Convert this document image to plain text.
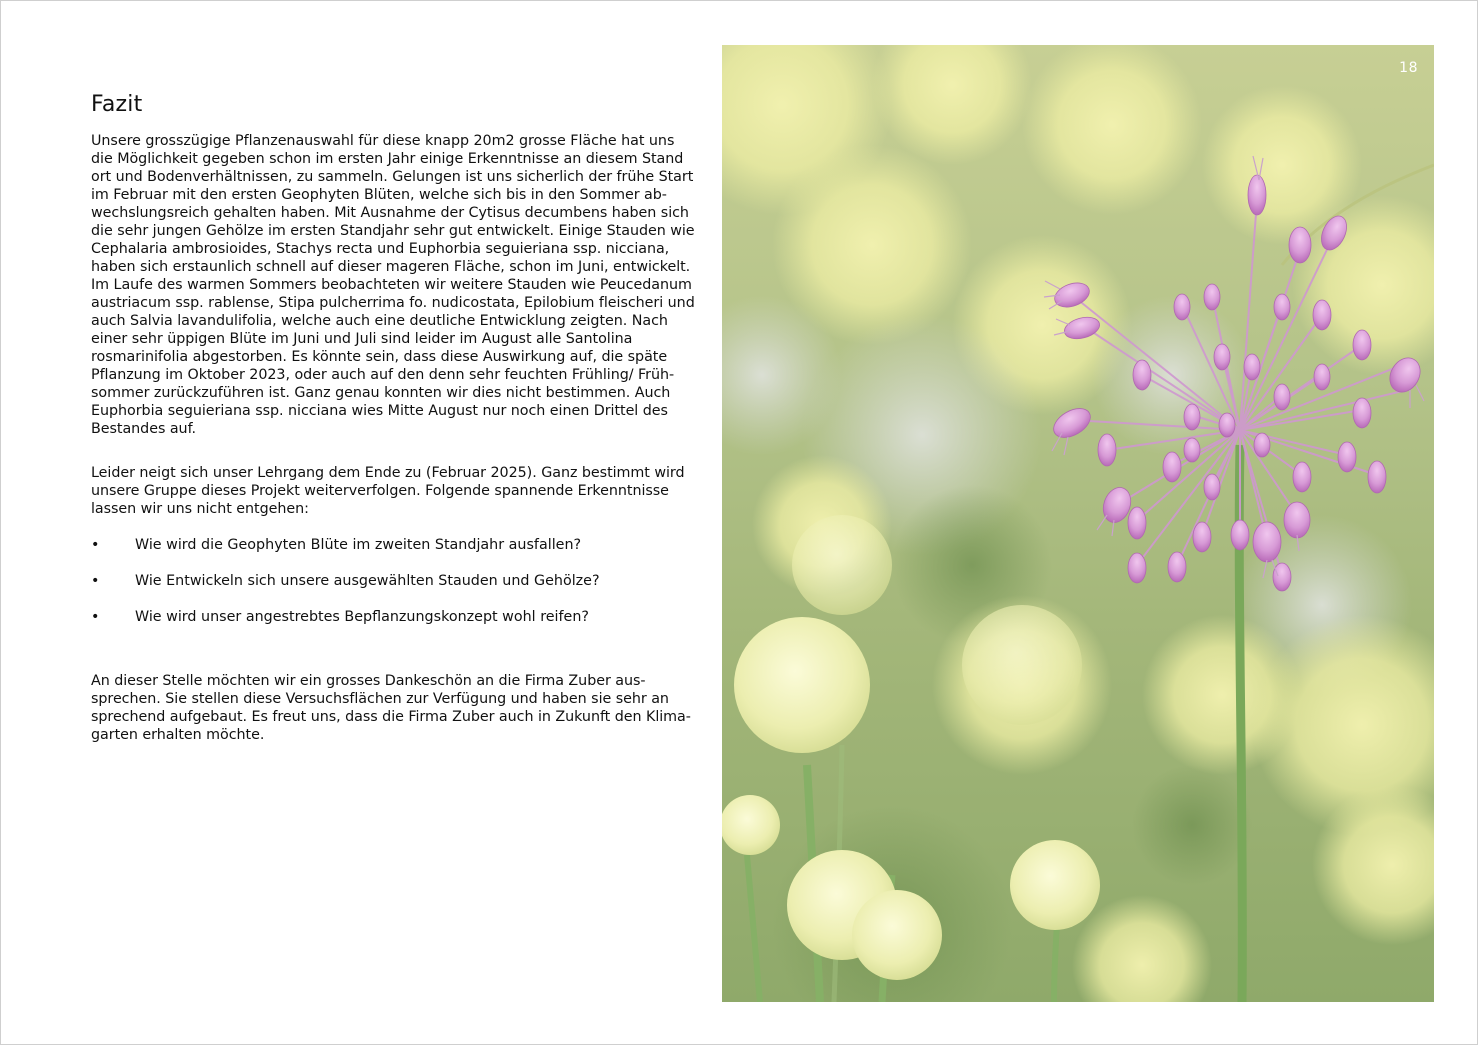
Fazit

Unsere grosszügige Pflanzenauswahl für diese knapp 20m2 grosse Fläche hat uns
die Möglichkeit gegeben schon im ersten Jahr einige Erkenntnisse an diesem Stand
ort und Bodenverhältnissen, zu sammeln. Gelungen ist uns sicherlich der frühe Start
im Februar mit den ersten Geophyten Blüten, welche sich bis in den Sommer ab-
wechslungsreich gehalten haben. Mit Ausnahme der Cytisus decumbens haben sich
die sehr jungen Gehölze im ersten Standjahr sehr gut entwickelt. Einige Stauden wie
Cephalaria ambrosioides, Stachys recta und Euphorbia seguieriana ssp. nicciana,
haben sich erstaunlich schnell auf dieser mageren Fläche, schon im Juni, entwickelt.
Im Laufe des warmen Sommers beobachteten wir weitere Stauden wie Peucedanum
austriacum ssp. rablense, Stipa pulcherrima fo. nudicostata, Epilobium fleischeri und
auch Salvia lavandulifolia, welche auch eine deutliche Entwicklung zeigten. Nach
einer sehr üppigen Blüte im Juni und Juli sind leider im August alle Santolina
rosmarinifolia abgestorben. Es könnte sein, dass diese Auswirkung auf, die späte
Pflanzung im Oktober 2023, oder auch auf den denn sehr feuchten Frühling/ Früh-
sommer zurückzuführen ist. Ganz genau konnten wir dies nicht bestimmen. Auch
Euphorbia seguieriana ssp. nicciana wies Mitte August nur noch einen Drittel des
Bestandes auf.

Leider neigt sich unser Lehrgang dem Ende zu (Februar 2025). Ganz bestimmt wird
unsere Gruppe dieses Projekt weiterverfolgen. Folgende spannende Erkenntnisse
lassen wir uns nicht entgehen:

• Wie wird die Geophyten Blüte im zweiten Standjahr ausfallen?
• Wie Entwickeln sich unsere ausgewählten Stauden und Gehölze?
• Wie wird unser angestrebtes Bepflanzungskonzept wohl reifen?

An dieser Stelle möchten wir ein grosses Dankeschön an die Firma Zuber aus-
sprechen. Sie stellen diese Versuchsflächen zur Verfügung und haben sie sehr an
sprechend aufgebaut. Es freut uns, dass die Firma Zuber auch in Zukunft den Klima-
garten erhalten möchte.

18
